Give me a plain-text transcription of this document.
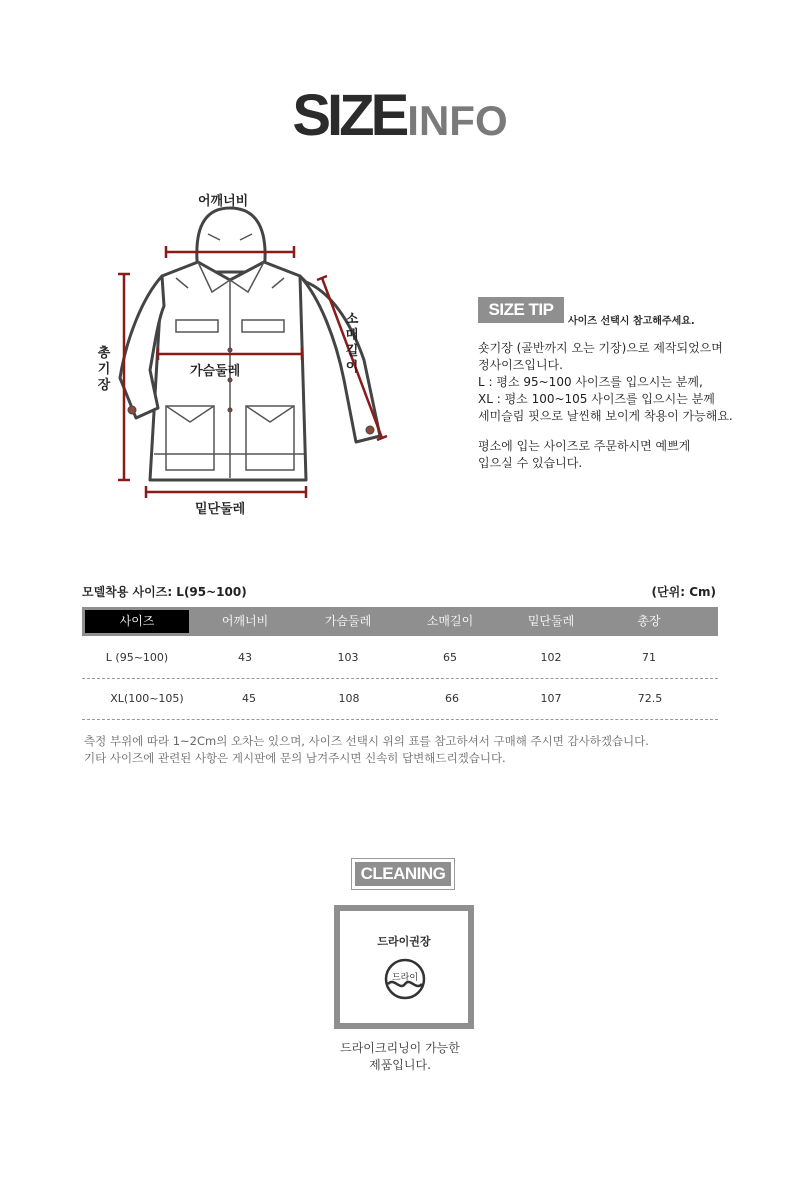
SIZEINFO
어깨너비
가슴둘레
밑단둘레
총기장
소매길이
SIZE TIP
사이즈 선택시 참고해주세요.
숏기장 (골반까지 오는 기장)으로 제작되었으며
정사이즈입니다.
L : 평소 95~100 사이즈를 입으시는 분께,
XL : 평소 100~105 사이즈를 입으시는 분께
세미슬림 핏으로 날씬해 보이게 착용이 가능해요.
평소에 입는 사이즈로 주문하시면 예쁘게
입으실 수 있습니다.
모델착용 사이즈: L(95~100)	(단위: Cm)
사이즈	어깨너비	가슴둘레	소매길이	밑단둘레	총장
L (95~100)	43	103	65	102	71
XL(100~105)	45	108	66	107	72.5
측정 부위에 따라 1~2Cm의 오차는 있으며, 사이즈 선택시 위의 표를 참고하셔서 구매해 주시면 감사하겠습니다.
기타 사이즈에 관련된 사항은 게시판에 문의 남겨주시면 신속히 답변해드리겠습니다.
CLEANING
드라이권장
드라이
드라이크리닝이 가능한
제품입니다.
